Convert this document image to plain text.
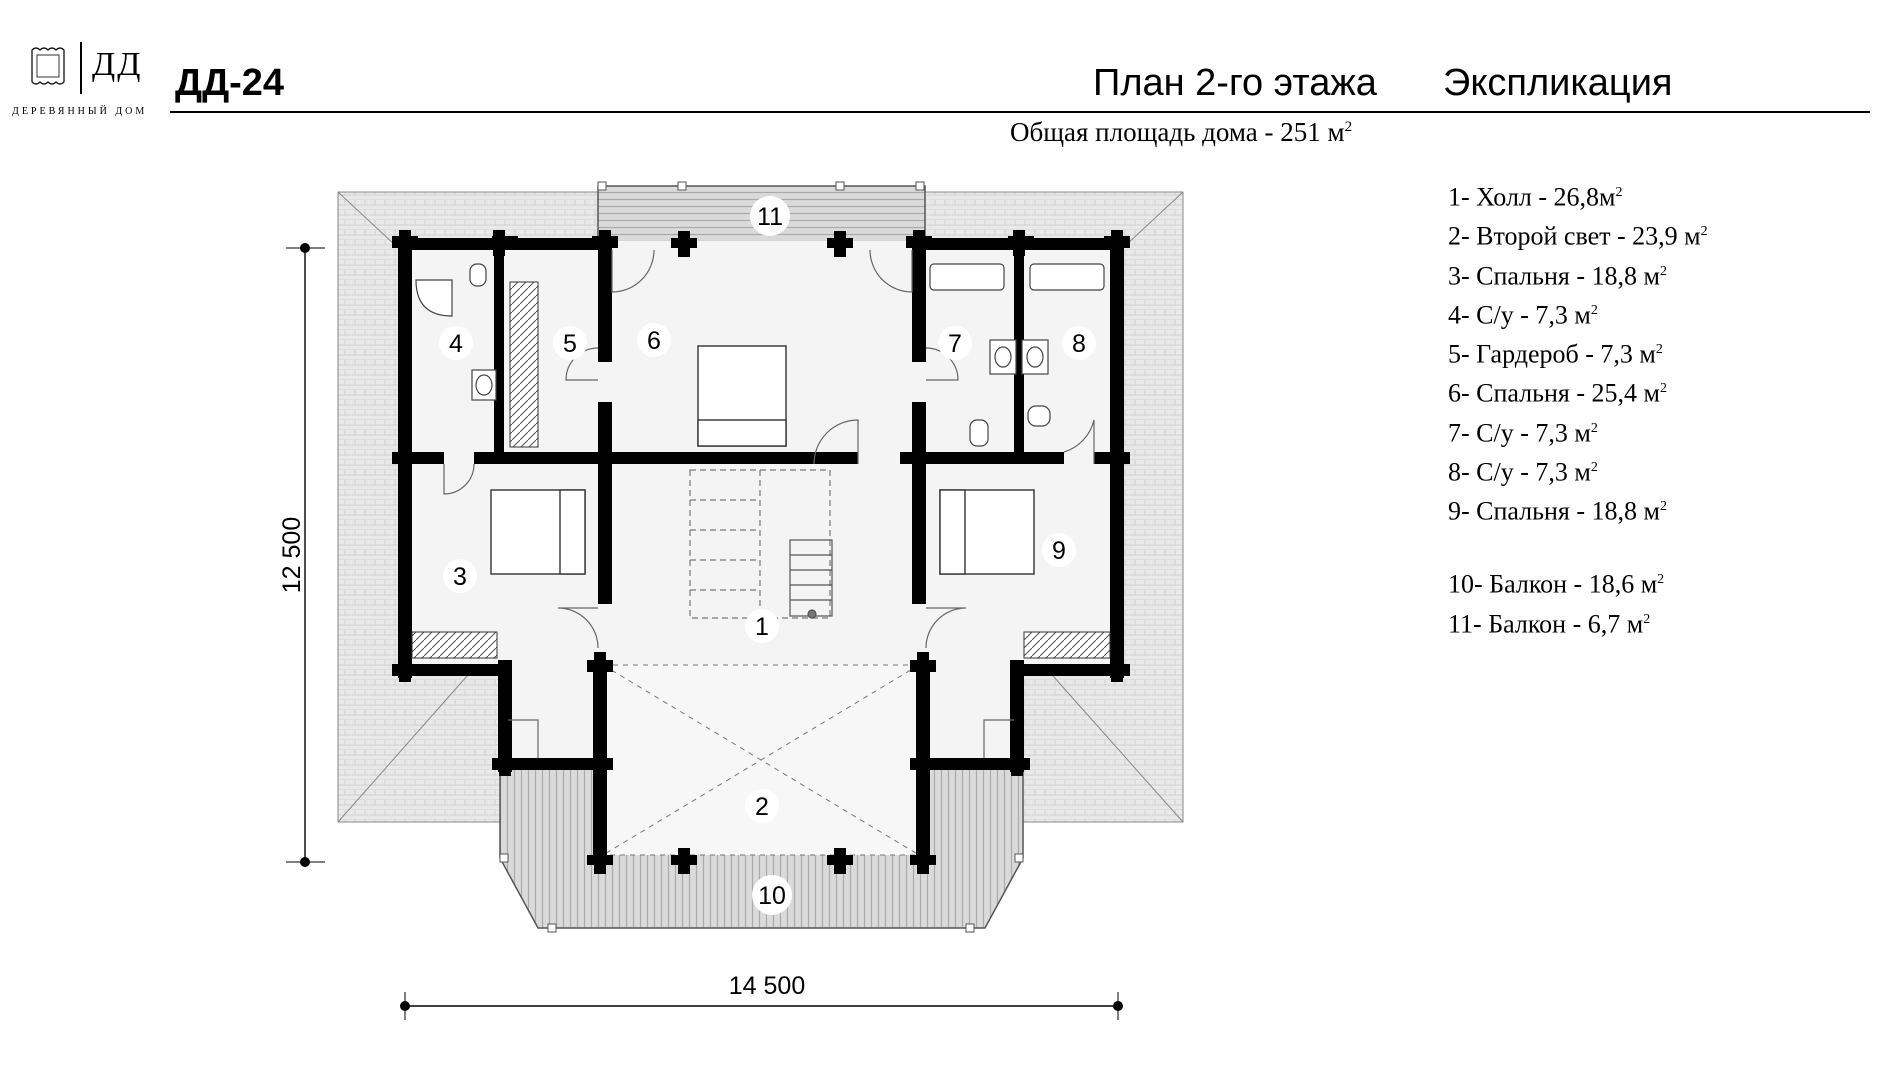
ДД
ДЕРЕВЯННЫЙ ДОМ
ДД-24	План 2-го этажа Экспликация
Общая площадь дома - 251 $м^2$
1- Холл - $26,8м^2$
2- Второй свет - 23,9 $м^2$
3- Спальня - 18,8 $м^2$
4- С/у - 7,3 $м^2$
5- Гардероб - 7,3 $м^2$
6- Спальня - 25,4 $м^2$
7- С/у - 7,3 $м^2$
8- С/у - 7,3 $м^2$
9- Спальня - 18,8 $м^2$
10- Балкон - 18,6 $м^2$
11- Балкон - 6,7 $м^2$
1
2
3
4	5	6	7	8
9
10
11
12 500
14 500
